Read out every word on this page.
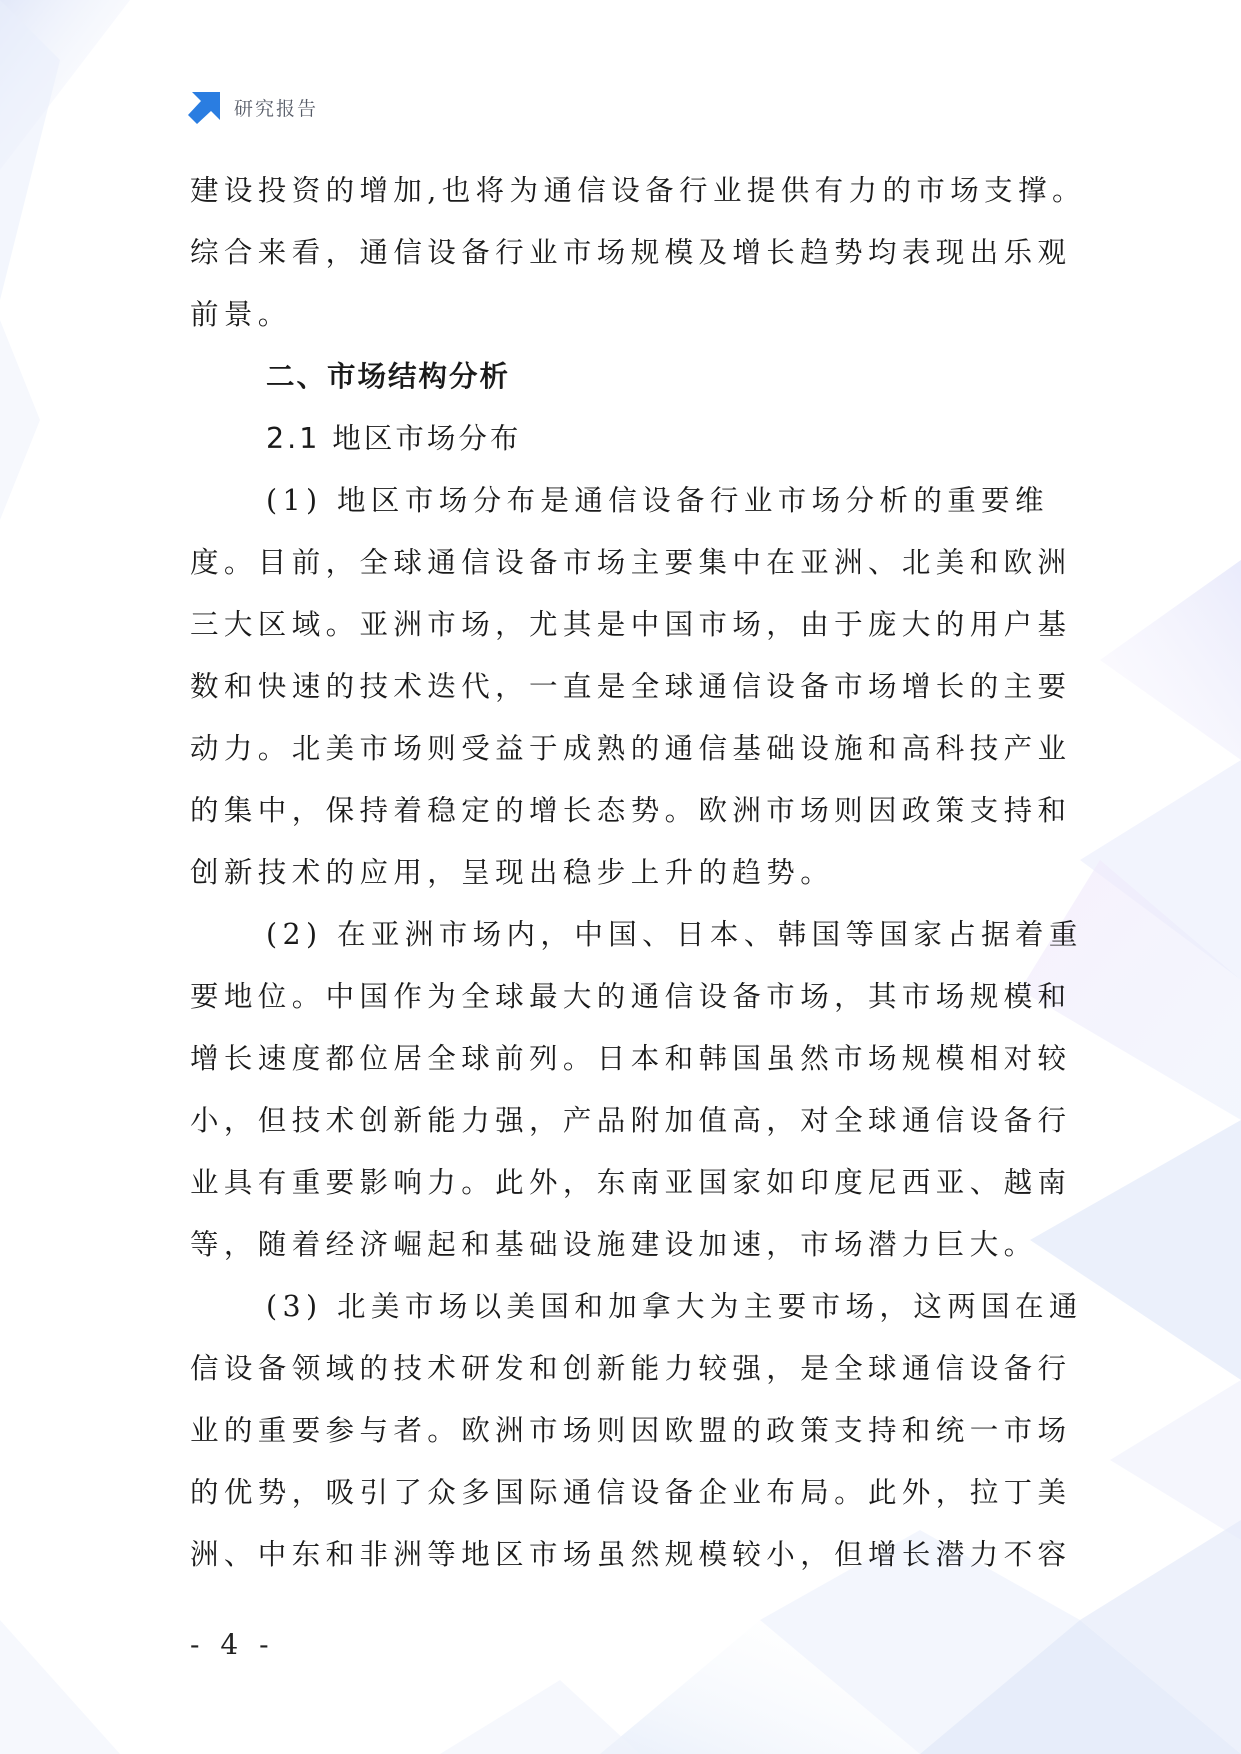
研究报告
建设投资的增加,也将为通信设备行业提供有力的市场支撑。
综合来看，通信设备行业市场规模及增长趋势均表现出乐观
前景。
二、市场结构分析
2.1 地区市场分布
(1) 地区市场分布是通信设备行业市场分析的重要维
度。目前，全球通信设备市场主要集中在亚洲、北美和欧洲
三大区域。亚洲市场，尤其是中国市场，由于庞大的用户基
数和快速的技术迭代，一直是全球通信设备市场增长的主要
动力。北美市场则受益于成熟的通信基础设施和高科技产业
的集中，保持着稳定的增长态势。欧洲市场则因政策支持和
创新技术的应用，呈现出稳步上升的趋势。
(2) 在亚洲市场内，中国、日本、韩国等国家占据着重
要地位。中国作为全球最大的通信设备市场，其市场规模和
增长速度都位居全球前列。日本和韩国虽然市场规模相对较
小，但技术创新能力强，产品附加值高，对全球通信设备行
业具有重要影响力。此外，东南亚国家如印度尼西亚、越南
等，随着经济崛起和基础设施建设加速，市场潜力巨大。
(3) 北美市场以美国和加拿大为主要市场，这两国在通
信设备领域的技术研发和创新能力较强，是全球通信设备行
业的重要参与者。欧洲市场则因欧盟的政策支持和统一市场
的优势，吸引了众多国际通信设备企业布局。此外，拉丁美
洲、中东和非洲等地区市场虽然规模较小，但增长潜力不容
- 4 -
